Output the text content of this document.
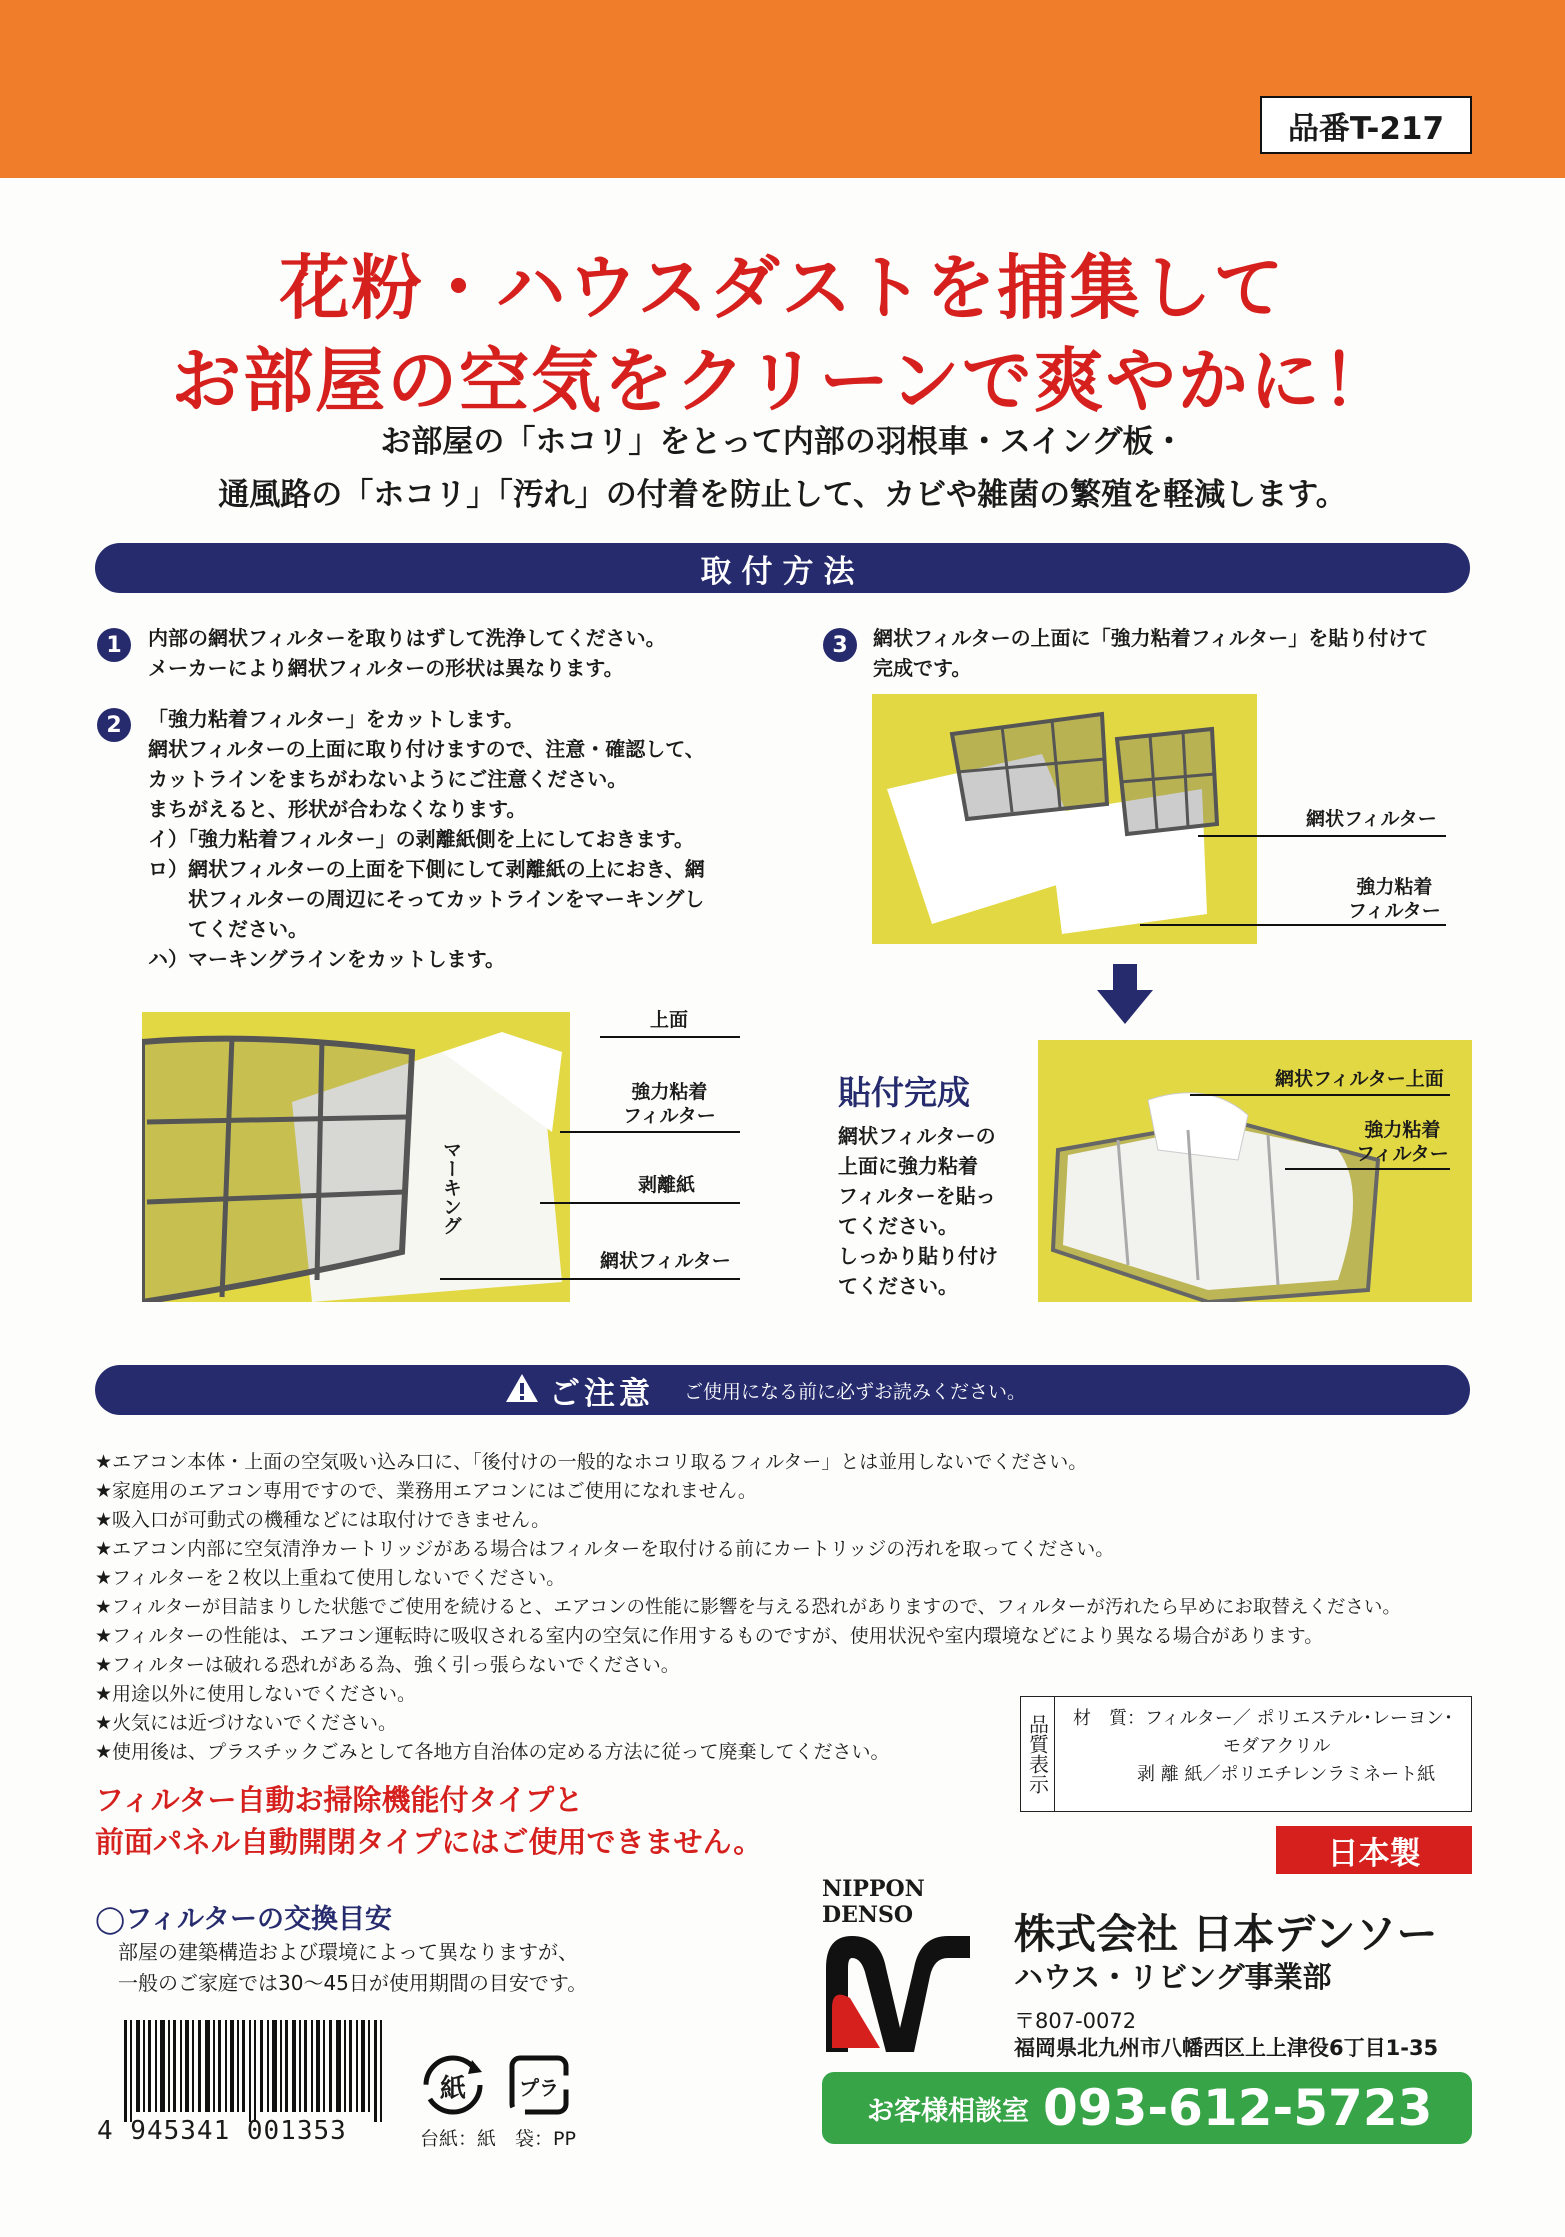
品番T-217
花粉・ハウスダストを捕集して
お部屋の空気をクリーンで爽やかに！
お部屋の「ホコリ」をとって内部の羽根車・スイング板・
通風路の「ホコリ」「汚れ」の付着を防止して、カビや雑菌の繁殖を軽減します。
取付方法
1 内部の網状フィルターを取りはずして洗浄してください。
メーカーにより網状フィルターの形状は異なります。
2 「強力粘着フィルター」をカットします。
網状フィルターの上面に取り付けますので、注意・確認して、
カットラインをまちがわないようにご注意ください。
まちがえると、形状が合わなくなります。
イ）「強力粘着フィルター」の剥離紙側を上にしておきます。
ロ）網状フィルターの上面を下側にして剥離紙の上におき、網
　　状フィルターの周辺にそってカットラインをマーキングし
　　てください。
ハ）マーキングラインをカットします。
3 網状フィルターの上面に「強力粘着フィルター」を貼り付けて
完成です。
マーキング
上面
強力粘着
フィルター
剥離紙
網状フィルター
網状フィルター
強力粘着
フィルター
貼付完成
網状フィルターの
上面に強力粘着
フィルターを貼っ
てください。
しっかり貼り付け
てください。
網状フィルター上面
強力粘着
フィルター
ご注意 ご使用になる前に必ずお読みください。
★エアコン本体・上面の空気吸い込み口に、「後付けの一般的なホコリ取るフィルター」とは並用しないでください。
★家庭用のエアコン専用ですので、業務用エアコンにはご使用になれません。
★吸入口が可動式の機種などには取付けできません。
★エアコン内部に空気清浄カートリッジがある場合はフィルターを取付ける前にカートリッジの汚れを取ってください。
★フィルターを２枚以上重ねて使用しないでください。
★フィルターが目詰まりした状態でご使用を続けると、エアコンの性能に影響を与える恐れがありますので、フィルターが汚れたら早めにお取替えください。
★フィルターの性能は、エアコン運転時に吸収される室内の空気に作用するものですが、使用状況や室内環境などにより異なる場合があります。
★フィルターは破れる恐れがある為、強く引っ張らないでください。
★用途以外に使用しないでください。
★火気には近づけないでください。
★使用後は、プラスチックごみとして各地方自治体の定める方法に従って廃棄してください。
フィルター自動お掃除機能付タイプと
前面パネル自動開閉タイプにはご使用できません。
品質表示 材　質：フィルター／ ポリエステル･レーヨン･
モダアクリル
剥 離 紙／ポリエチレンラミネート紙
日本製
◯フィルターの交換目安
部屋の建築構造および環境によって異なりますが、
一般のご家庭では30〜45日が使用期間の目安です。
4 945341 001353
紙	プラ
台紙：紙　袋：PP
NIPPON
DENSO 株式会社 日本デンソー
ハウス・リビング事業部
〒807-0072
福岡県北九州市八幡西区上上津役6丁目1-35
お客様相談室 093-612-5723
